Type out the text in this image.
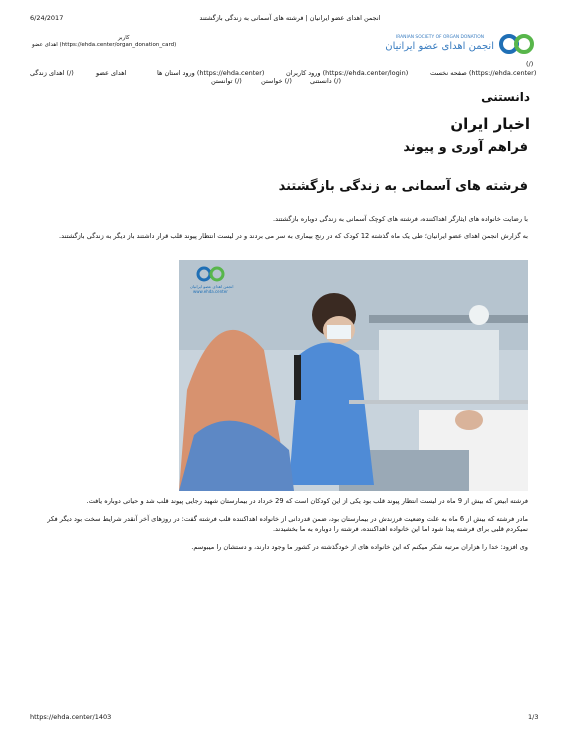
6/24/2017	انجمن اهدای عضو ایرانیان | فرشته های آسمانی به زندگی بازگشتند
کاربر
اهدای عضو (https://ehda.center/organ_donation_card)
IRANIAN SOCIETY OF ORGAN DONATION
انجمن اهدای عضو ایرانیان
(/)
صفحه نخست (https://ehda.center)
ورود کاربران (https://ehda.center/login)
ورود استان ها (https://ehda.center)
اهدای عضو
اهدای زندگی (/)
دانستنی (/)
خواستن (/)
توانستن (/)
دانستنی
اخبار ایران
فراهم آوری و پیوند
فرشته های آسمانی به زندگی بازگشتند
با رضایت خانواده های ایثارگر اهداکننده، فرشته های کوچک آسمانی به زندگی دوباره بازگشتند.
به گزارش انجمن اهدای عضو ایرانیان؛ طی یک ماه گذشته 12 کودک که در رنج بیماری به سر می بردند و در لیست انتظار پیوند قلب قرار داشتند باز دیگر به زندگی بازگشتند.
انجمن اهدای عضو ایرانیان
www.ehda.center
فرشته ابیض که بیش از 9 ماه در لیست انتظار پیوند قلب بود یکی از این کودکان است که 29 خرداد در بیمارستان شهید رجایی پیوند قلب شد و حیاتی دوباره یافت.
مادر فرشته که بیش از 6 ماه به علت وضعیت فرزندش در بیمارستان بود، ضمن قدردانی از خانواده اهداکننده قلب فرشته گفت: در روزهای آخر آنقدر شرایط سخت بود دیگر فکر نمیکردم قلبی برای فرشته پیدا شود اما این خانواده اهداکننده، فرشته را دوباره به ما بخشیدند.
وی افزود: خدا را هزاران مرتبه شکر میکنم که این خانواده های از خودگذشته در کشور ما وجود دارند، و دستشان را میبوسم.
https://ehda.center/1403	1/3
